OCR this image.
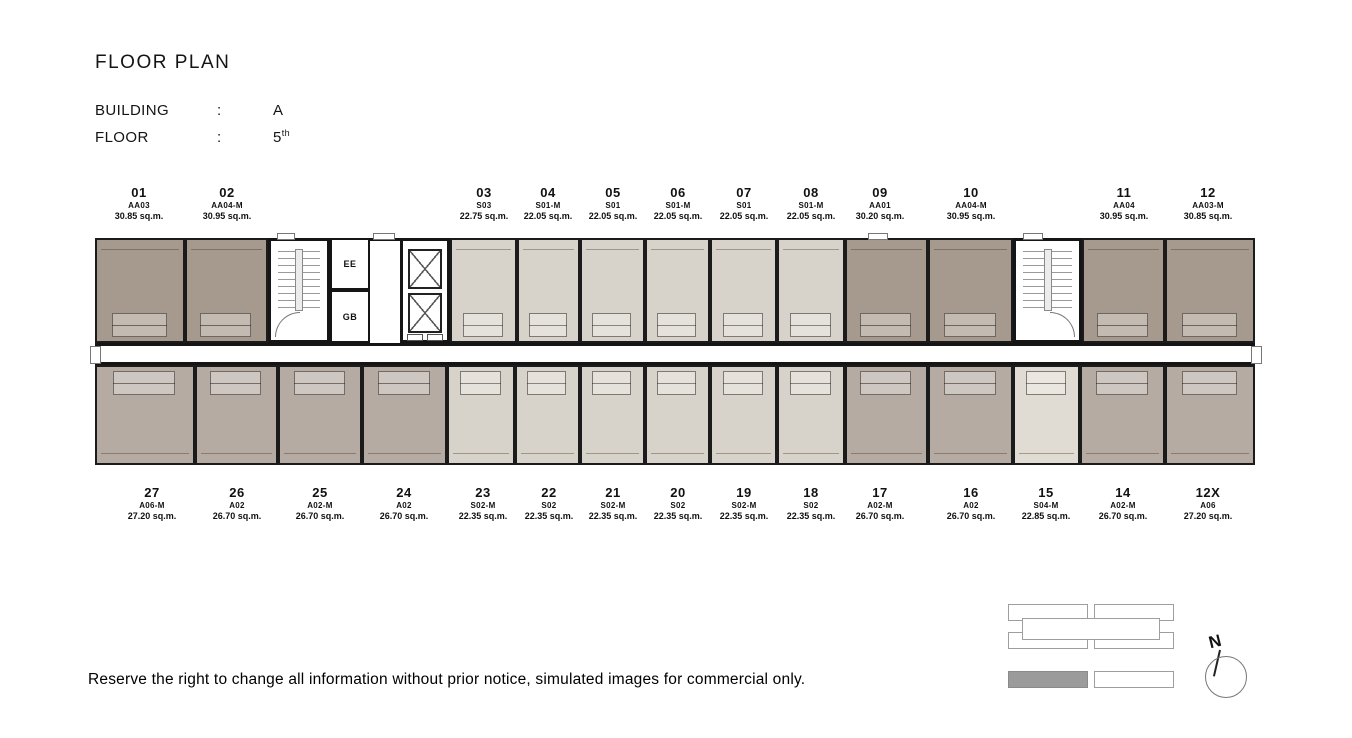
FLOOR PLAN
BUILDING	:	A
FLOOR	:	5th
01
AA03
30.85 sq.m.
02
AA04-M
30.95 sq.m.
03
S03
22.75 sq.m.
04
S01-M
22.05 sq.m.
05
S01
22.05 sq.m.
06
S01-M
22.05 sq.m.
07
S01
22.05 sq.m.
08
S01-M
22.05 sq.m.
09
AA01
30.20 sq.m.
10
AA04-M
30.95 sq.m.
11
AA04
30.95 sq.m.
12
AA03-M
30.85 sq.m.
EE
GB
27
A06-M
27.20 sq.m.
26
A02
26.70 sq.m.
25
A02-M
26.70 sq.m.
24
A02
26.70 sq.m.
23
S02-M
22.35 sq.m.
22
S02
22.35 sq.m.
21
S02-M
22.35 sq.m.
20
S02
22.35 sq.m.
19
S02-M
22.35 sq.m.
18
S02
22.35 sq.m.
17
A02-M
26.70 sq.m.
16
A02
26.70 sq.m.
15
S04-M
22.85 sq.m.
14
A02-M
26.70 sq.m.
12X
A06
27.20 sq.m.
N
Reserve the right to change all information without prior notice, simulated images for commercial only.
